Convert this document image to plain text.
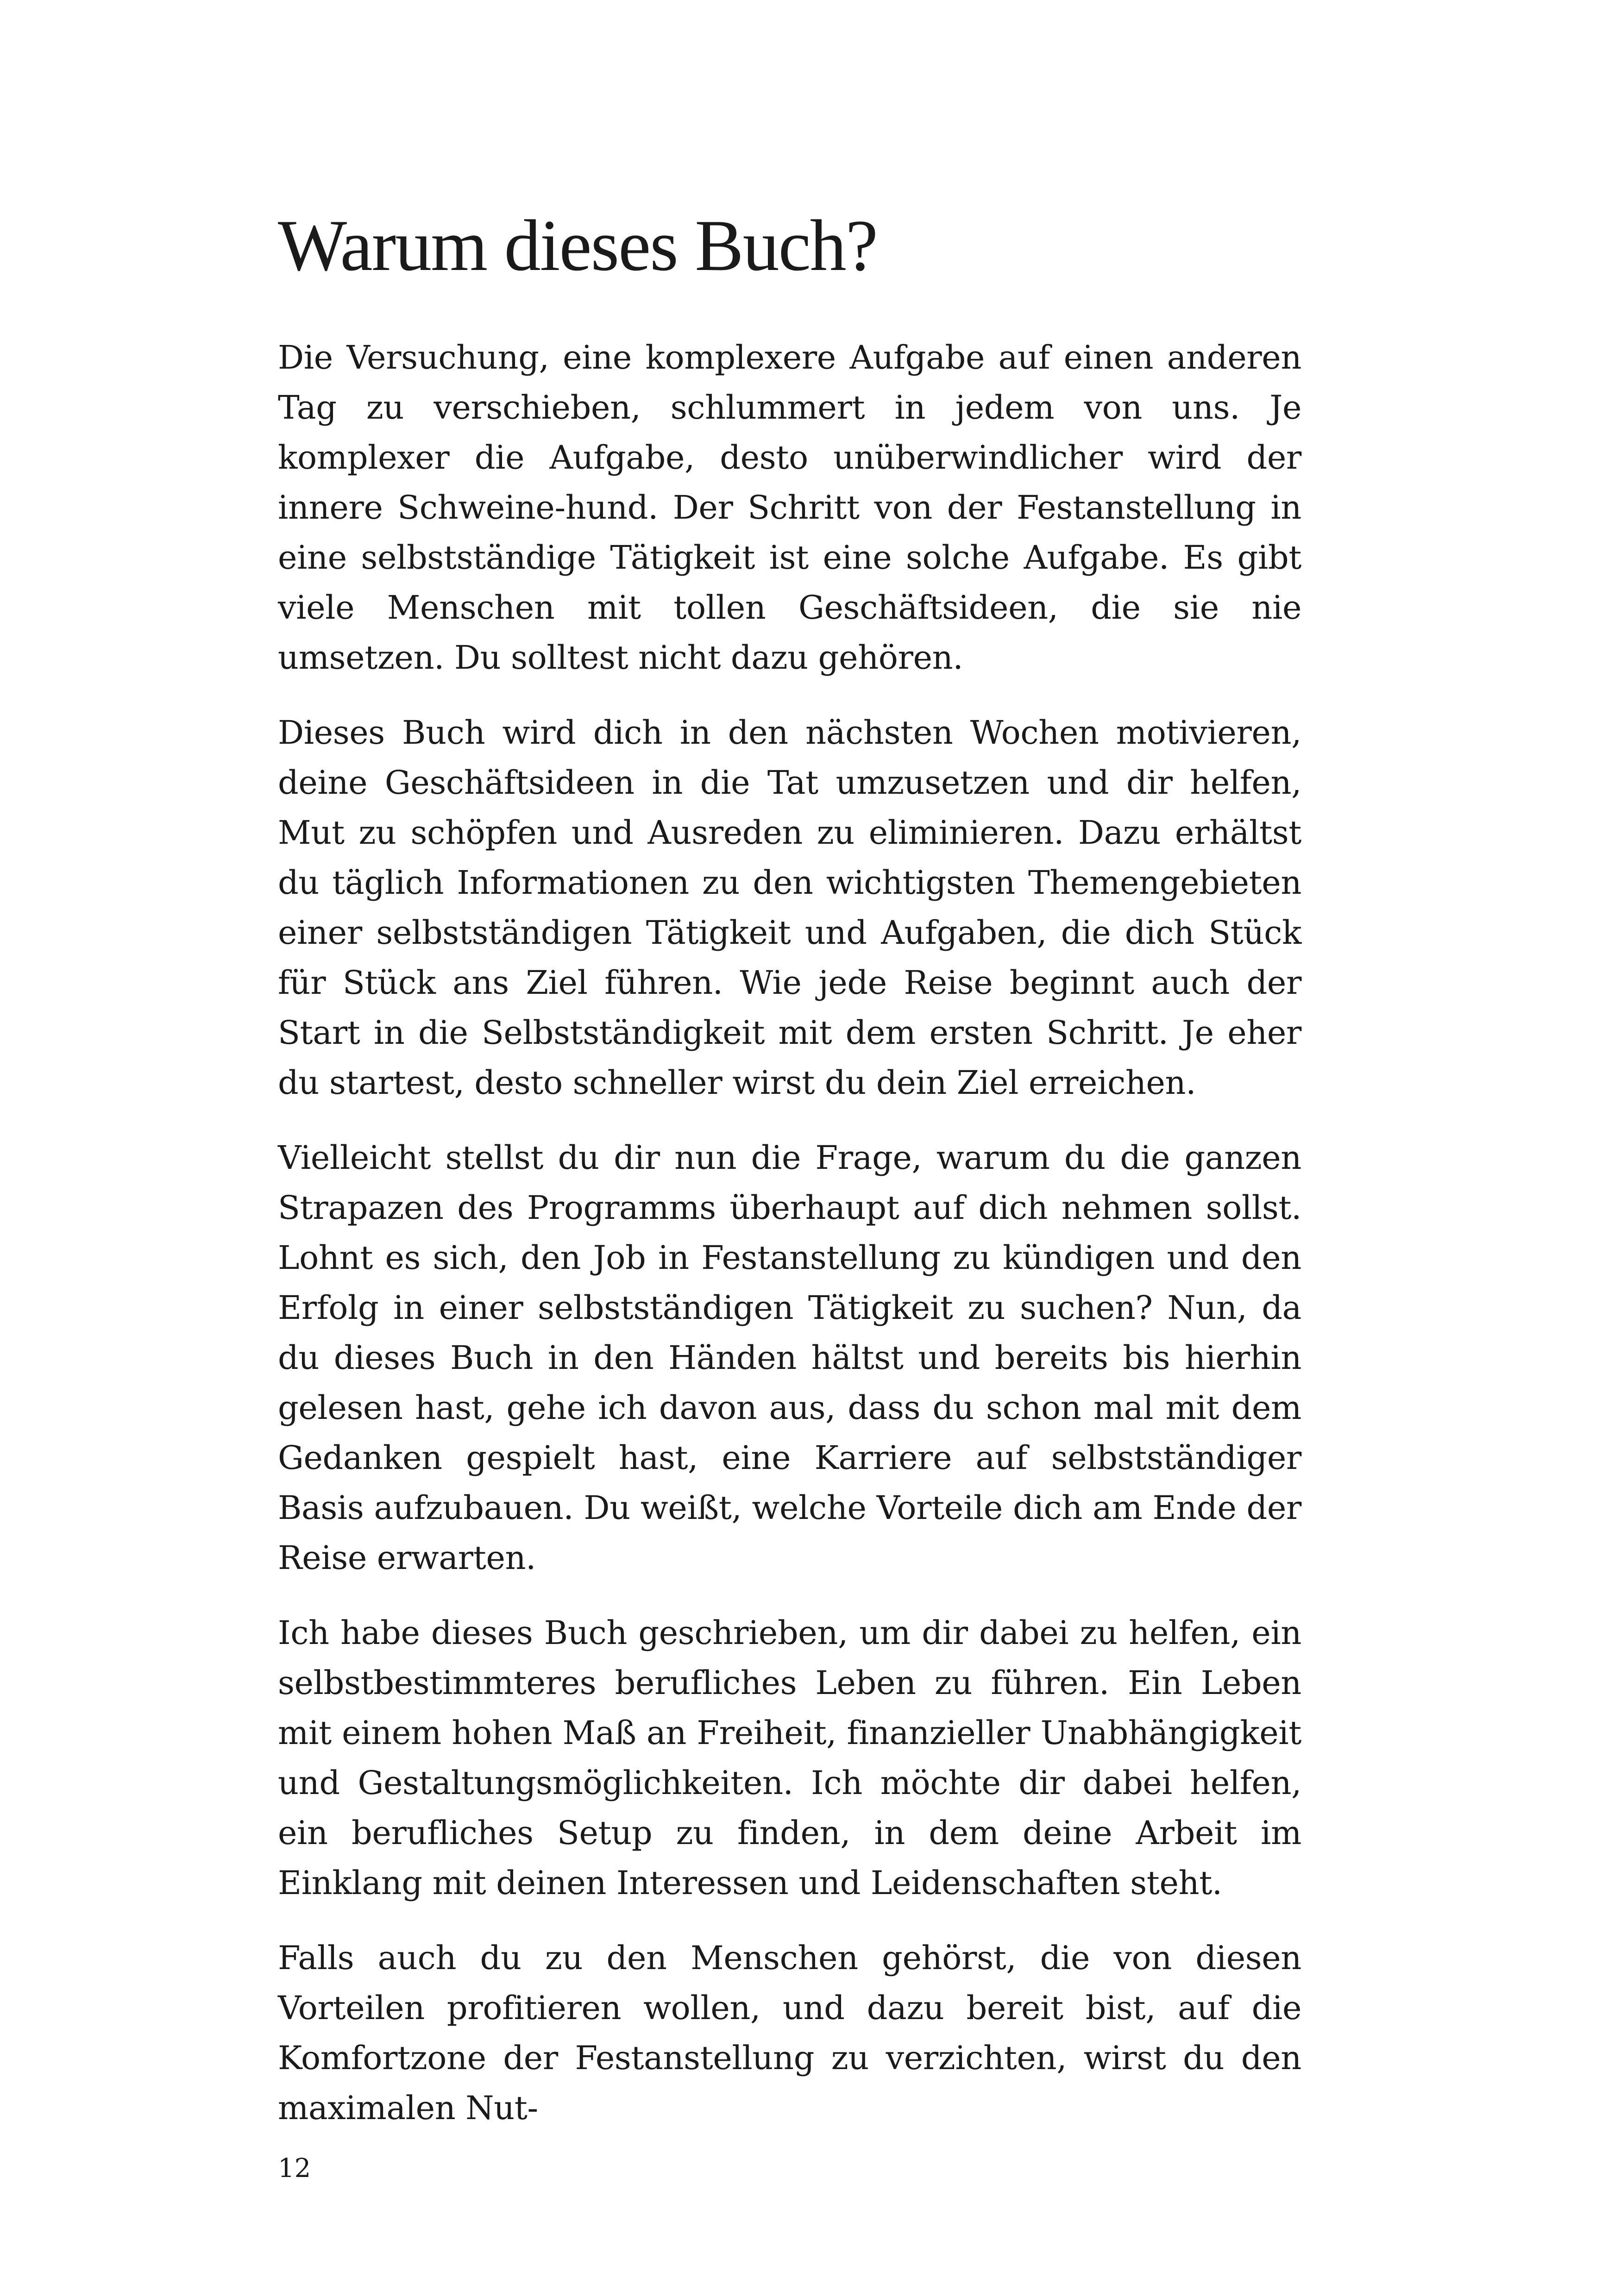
Warum dieses Buch?

Die Versuchung, eine komplexere Aufgabe auf einen anderen Tag zu verschieben, schlummert in jedem von uns. Je komplexer die Aufgabe, desto unüberwindlicher wird der innere Schweine-hund. Der Schritt von der Festanstellung in eine selbstständige Tätigkeit ist eine solche Aufgabe. Es gibt viele Menschen mit tollen Geschäftsideen, die sie nie umsetzen. Du solltest nicht dazu gehören.

Dieses Buch wird dich in den nächsten Wochen motivieren, deine Geschäftsideen in die Tat umzusetzen und dir helfen, Mut zu schöpfen und Ausreden zu eliminieren. Dazu erhältst du täglich Informationen zu den wichtigsten Themengebieten einer selbstständigen Tätigkeit und Aufgaben, die dich Stück für Stück ans Ziel führen. Wie jede Reise beginnt auch der Start in die Selbstständigkeit mit dem ersten Schritt. Je eher du startest, desto schneller wirst du dein Ziel erreichen.

Vielleicht stellst du dir nun die Frage, warum du die ganzen Strapazen des Programms überhaupt auf dich nehmen sollst. Lohnt es sich, den Job in Festanstellung zu kündigen und den Erfolg in einer selbstständigen Tätigkeit zu suchen? Nun, da du dieses Buch in den Händen hältst und bereits bis hierhin gelesen hast, gehe ich davon aus, dass du schon mal mit dem Gedanken gespielt hast, eine Karriere auf selbstständiger Basis aufzubauen. Du weißt, welche Vorteile dich am Ende der Reise erwarten.

Ich habe dieses Buch geschrieben, um dir dabei zu helfen, ein selbstbestimmteres berufliches Leben zu führen. Ein Leben mit einem hohen Maß an Freiheit, finanzieller Unabhängigkeit und Gestaltungsmöglichkeiten. Ich möchte dir dabei helfen, ein berufliches Setup zu finden, in dem deine Arbeit im Einklang mit deinen Interessen und Leidenschaften steht.

Falls auch du zu den Menschen gehörst, die von diesen Vorteilen profitieren wollen, und dazu bereit bist, auf die Komfortzone der Festanstellung zu verzichten, wirst du den maximalen Nut-

12
